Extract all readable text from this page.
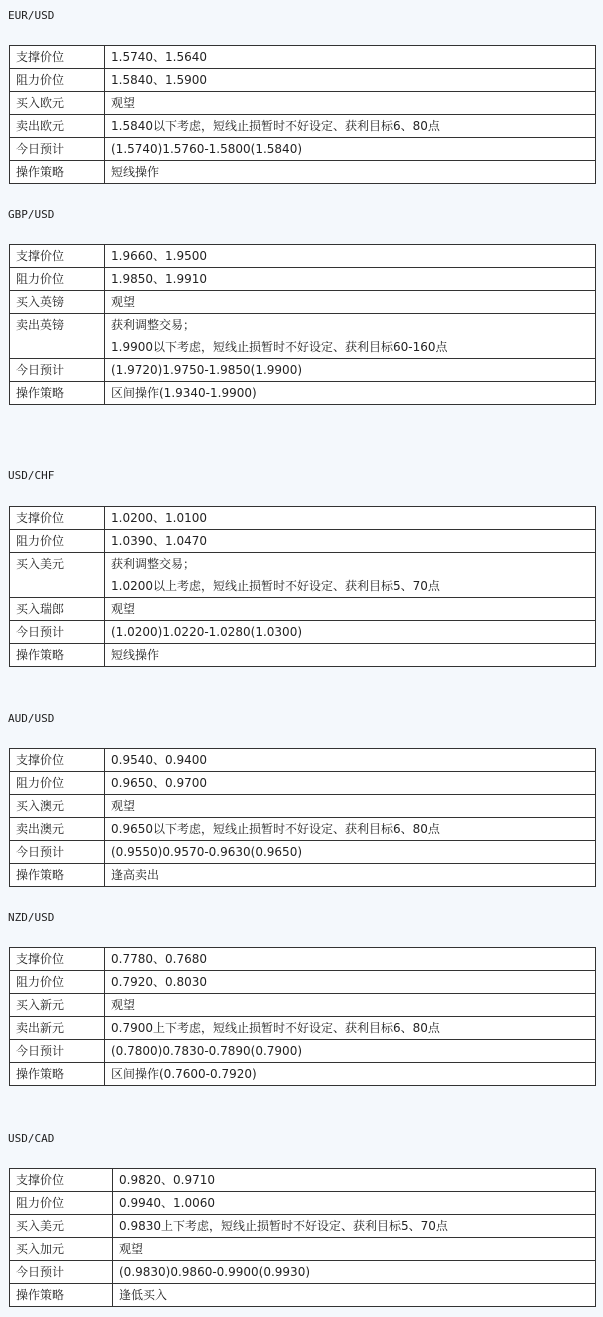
EUR/USD
支撑价位	1.5740、1.5640

阻力价位	1.5840、1.5900

买入欧元	观望

卖出欧元	1.5840以下考虑，短线止损暂时不好设定、获利目标6、80点

今日预计	(1.5740)1.5760-1.5800(1.5840)

操作策略	短线操作
GBP/USD
支撑价位	1.9660、1.9500

阻力价位	1.9850、1.9910

买入英镑	观望

卖出英镑	获利调整交易；
1.9900以下考虑，短线止损暂时不好设定、获利目标60-160点

今日预计	(1.9720)1.9750-1.9850(1.9900)

操作策略	区间操作(1.9340-1.9900)
USD/CHF
支撑价位	1.0200、1.0100

阻力价位	1.0390、1.0470

买入美元	获利调整交易；
1.0200以上考虑，短线止损暂时不好设定、获利目标5、70点

买入瑞郎	观望

今日预计	(1.0200)1.0220-1.0280(1.0300)

操作策略	短线操作
AUD/USD
支撑价位	0.9540、0.9400

阻力价位	0.9650、0.9700

买入澳元	观望

卖出澳元	0.9650以下考虑，短线止损暂时不好设定、获利目标6、80点

今日预计	(0.9550)0.9570-0.9630(0.9650)

操作策略	逢高卖出
NZD/USD
支撑价位	0.7780、0.7680

阻力价位	0.7920、0.8030

买入新元	观望

卖出新元	0.7900上下考虑，短线止损暂时不好设定、获利目标6、80点

今日预计	(0.7800)0.7830-0.7890(0.7900)

操作策略	区间操作(0.7600-0.7920)
USD/CAD
支撑价位	0.9820、0.9710

阻力价位	0.9940、1.0060

买入美元	0.9830上下考虑，短线止损暂时不好设定、获利目标5、70点

买入加元	观望

今日预计	(0.9830)0.9860-0.9900(0.9930)

操作策略	逢低买入
